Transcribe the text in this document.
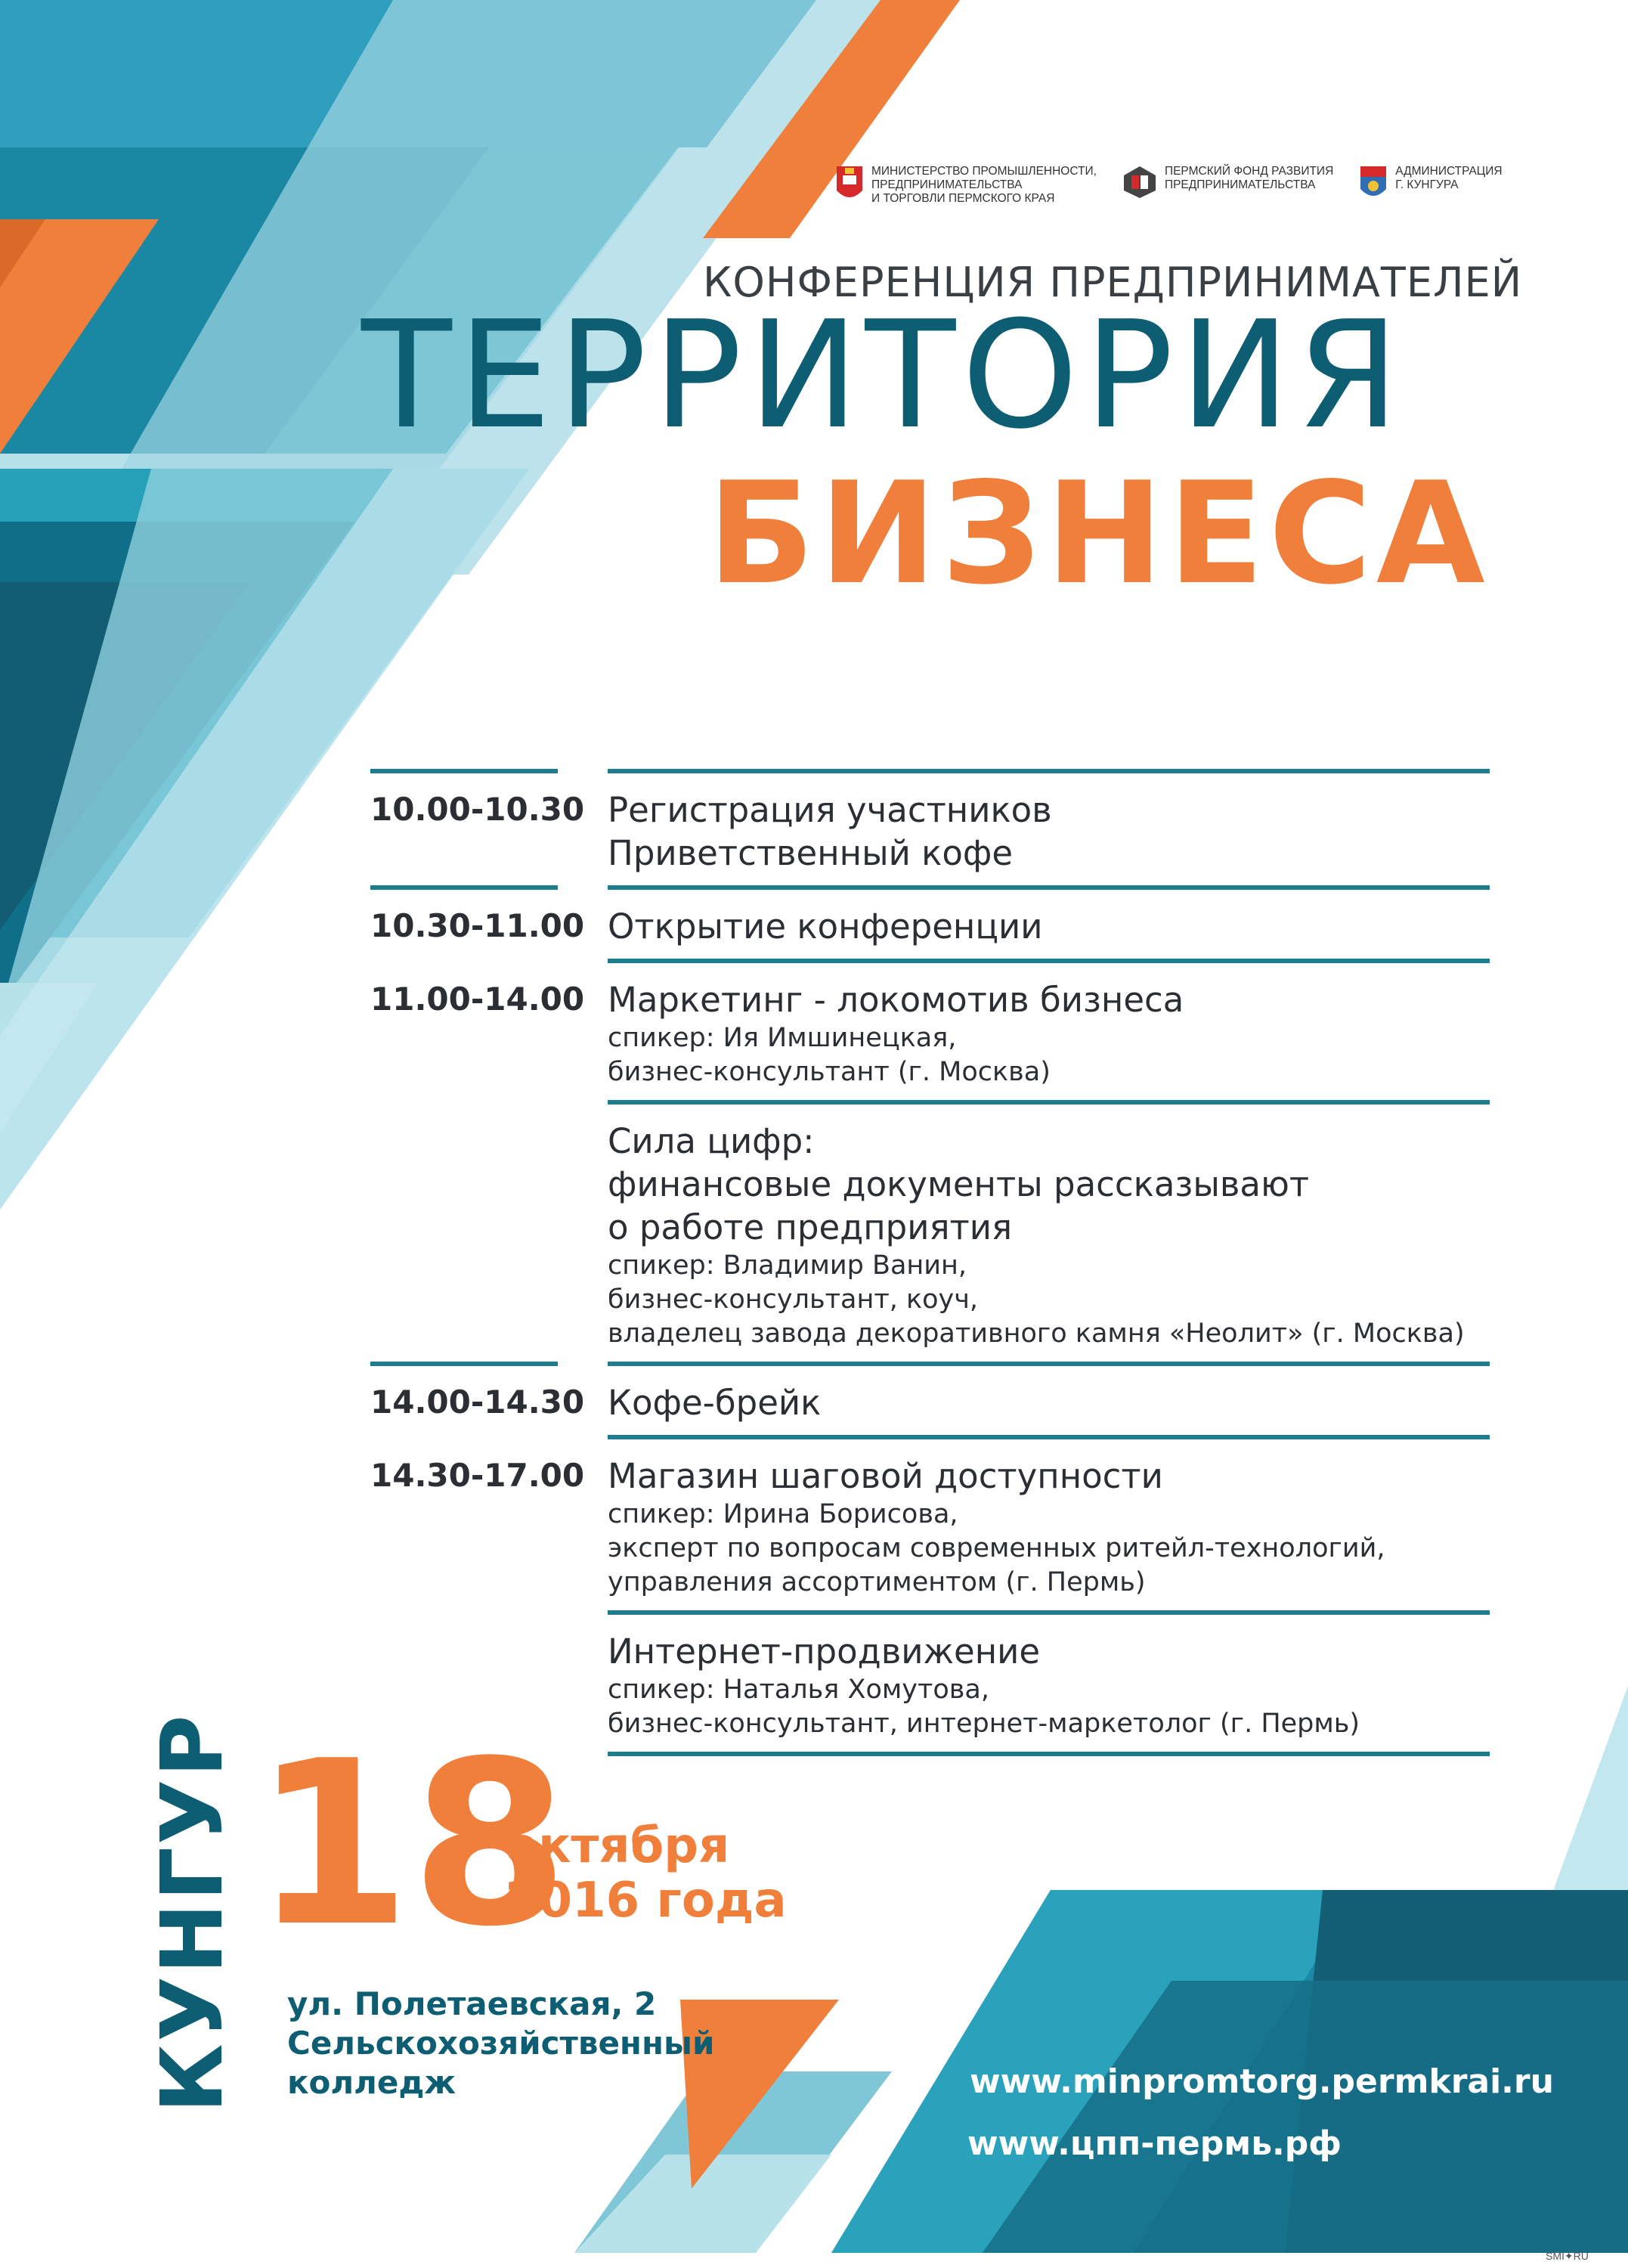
МИНИСТЕРСТВО ПРОМЫШЛЕННОСТИ,
ПРЕДПРИНИМАТЕЛЬСТВА
И ТОРГОВЛИ ПЕРМСКОГО КРАЯ
ПЕРМСКИЙ ФОНД РАЗВИТИЯ
ПРЕДПРИНИМАТЕЛЬСТВА
АДМИНИСТРАЦИЯ
Г. КУНГУРА
КОНФЕРЕНЦИЯ ПРЕДПРИНИМАТЕЛЕЙ
ТЕРРИТОРИЯ
БИЗНЕСА
10.00-10.30 Регистрация участников
Приветственный кофе
10.30-11.00 Открытие конференции
11.00-14.00 Маркетинг - локомотив бизнеса
спикер: Ия Имшинецкая,
бизнес-консультант (г. Москва)
Сила цифр:
финансовые документы рассказывают
о работе предприятия
спикер: Владимир Ванин,
бизнес-консультант, коуч,
владелец завода декоративного камня «Неолит» (г. Москва)
14.00-14.30 Кофе-брейк
14.30-17.00 Магазин шаговой доступности
спикер: Ирина Борисова,
эксперт по вопросам современных ритейл-технологий,
управления ассортиментом (г. Пермь)
Интернет-продвижение
спикер: Наталья Хомутова,
бизнес-консультант, интернет-маркетолог (г. Пермь)
КУНГУР 18
октября
2016 года
ул. Полетаевская, 2
Сельскохозяйственный
колледж	www.minpromtorg.permkrai.ru
www.цпп-пермь.рф
SMI✦RU
